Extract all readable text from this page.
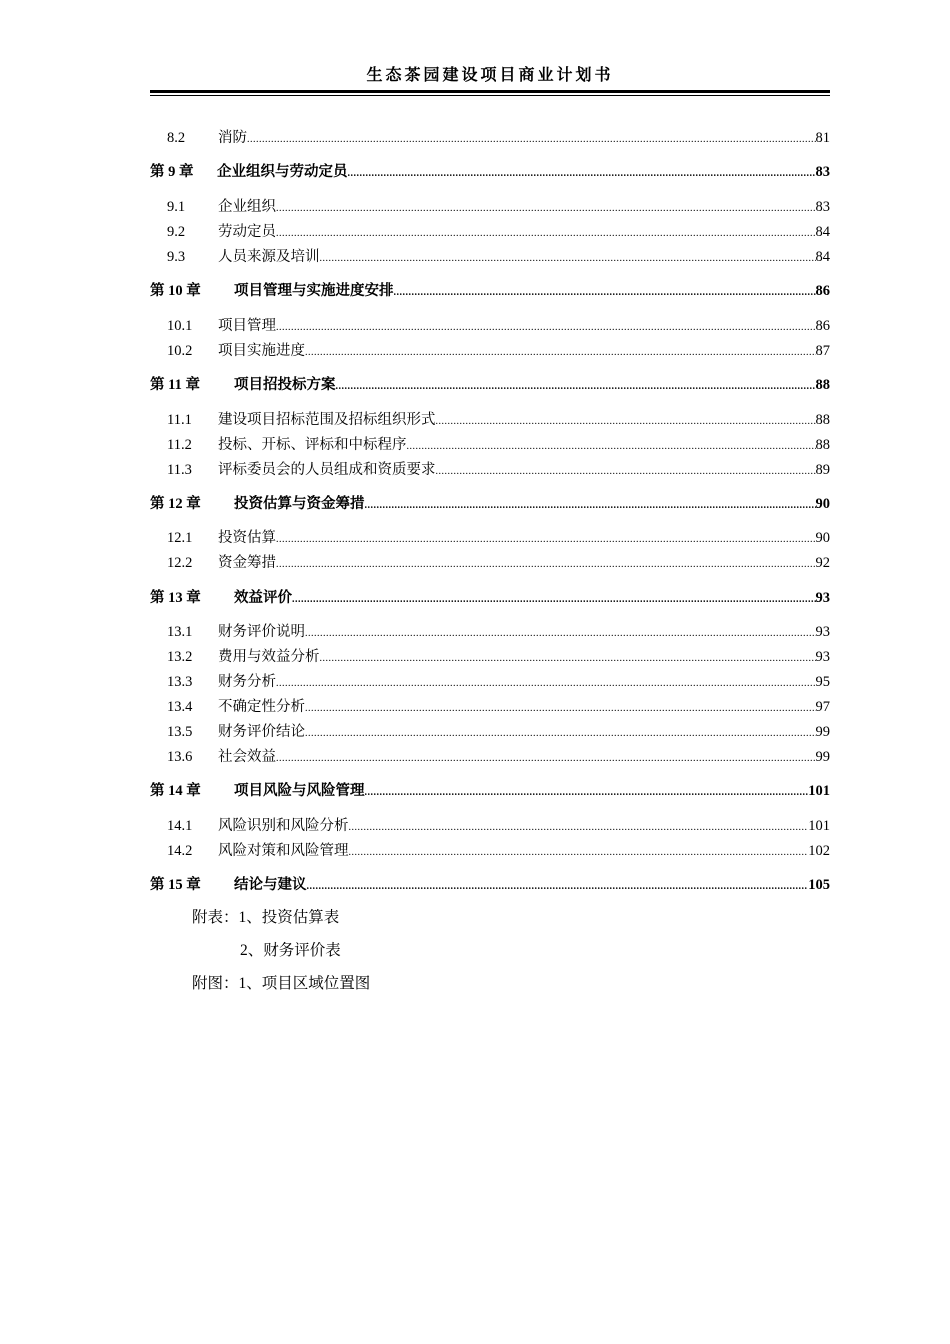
生态茶园建设项目商业计划书
8.2	消防 .....	81
第 9 章	企业组织与劳动定员 .....	83
9.1	企业组织 .....	83
9.2	劳动定员 .....	84
9.3	人员来源及培训 .....	84
第 10 章	项目管理与实施进度安排 .....	86
10.1	项目管理 .....	86
10.2	项目实施进度 .....	87
第 11 章	项目招投标方案 .....	88
11.1	建设项目招标范围及招标组织形式 .....	88
11.2	投标、开标、评标和中标程序 .....	88
11.3	评标委员会的人员组成和资质要求 .....	89
第 12 章	投资估算与资金筹措 .....	90
12.1	投资估算 .....	90
12.2	资金筹措 .....	92
第 13 章	效益评价 .....	93
13.1	财务评价说明 .....	93
13.2	费用与效益分析 .....	93
13.3	财务分析 .....	95
13.4	不确定性分析 .....	97
13.5	财务评价结论 .....	99
13.6	社会效益 .....	99
第 14 章	项目风险与风险管理 .....	101
14.1	风险识别和风险分析 .....	101
14.2	风险对策和风险管理 .....	102
第 15 章	结论与建议 .....	105
附表：1、投资估算表
2、财务评价表
附图：1、项目区域位置图
